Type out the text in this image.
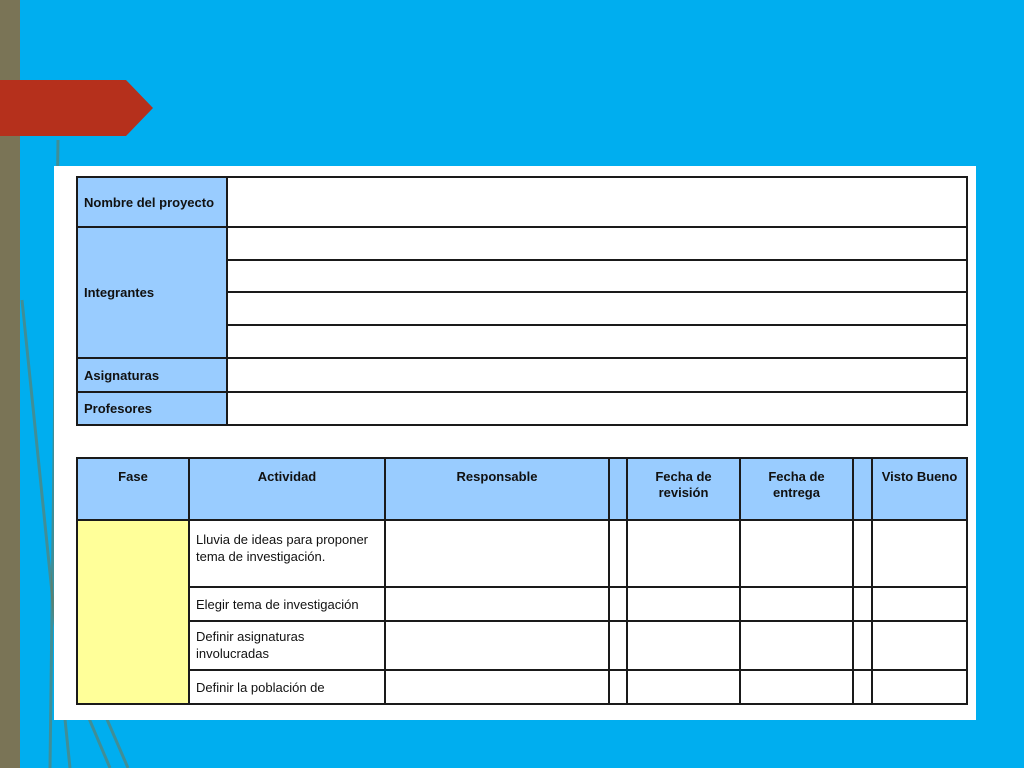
Nombre del proyecto	
Integrantes	

Asignaturas	
Profesores	
Fase	Actividad	Responsable		Fecha de revisión	Fecha de entrega		Visto Bueno
	Lluvia de ideas para proponer tema de investigación.						
	Elegir tema de investigación						
	Definir asignaturas involucradas						
	Definir la población de						
